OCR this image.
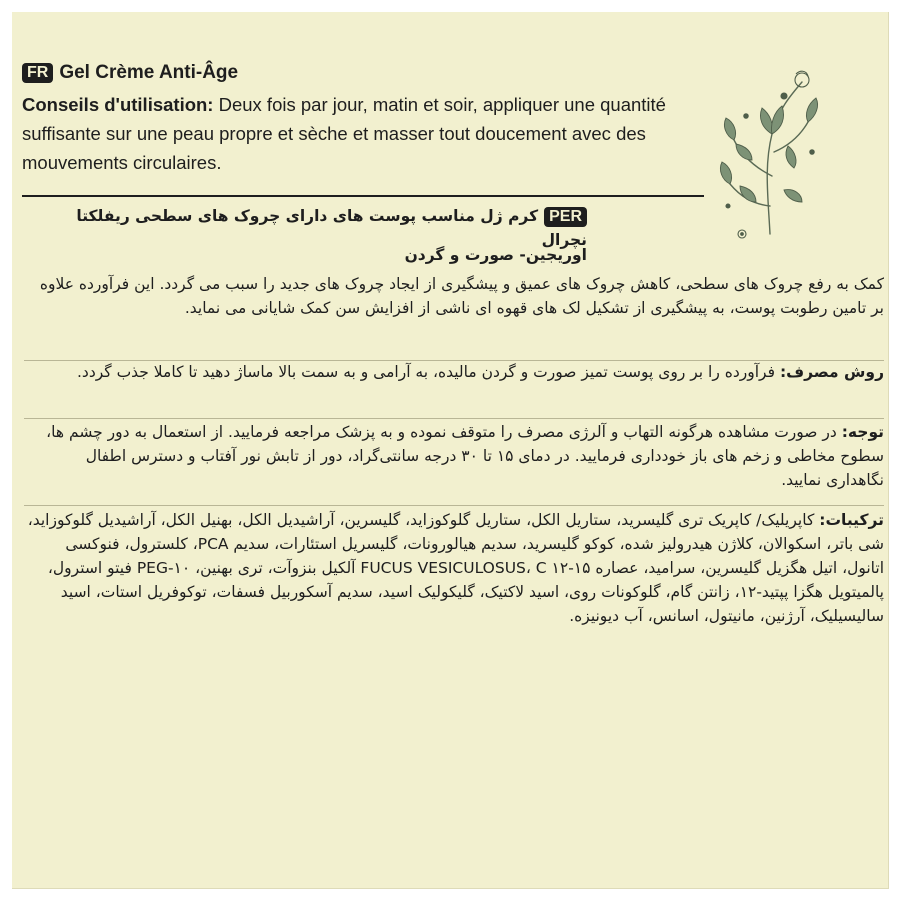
FR Gel Crème Anti-Âge

Conseils d'utilisation: Deux fois par jour, matin et soir, appliquer une quantité suffisante sur une peau propre et sèche et masser tout doucement avec des mouvements circulaires.

PERکرم ژل مناسب پوست های دارای چروک های سطحی ریفلکتا نچرال
اوریجین- صورت و گردن

کمک به رفع چروک های سطحی، کاهش چروک های عمیق و پیشگیری از ایجاد چروک های جدید را سبب می گردد. این فرآورده علاوه بر تامین رطوبت پوست، به پیشگیری از تشکیل لک های قهوه ای ناشی از افزایش سن کمک شایانی می نماید.

روش مصرف: فرآورده را بر روی پوست تمیز صورت و گردن مالیده، به آرامی و به سمت بالا ماساژ دهید تا کاملا جذب گردد.

توجه: در صورت مشاهده هرگونه التهاب و آلرژی مصرف را متوقف نموده و به پزشک مراجعه فرمایید. از استعمال به دور چشم ها، سطوح مخاطی و زخم های باز خودداری فرمایید. در دمای ۱۵ تا ۳۰ درجه سانتی‌گراد، دور از تابش نور آفتاب و دسترس اطفال نگاهداری نمایید.

ترکیبات: کاپریلیک/ کاپریک تری گلیسرید، ستاریل الکل، ستاریل گلوکوزاید، گلیسرین، آراشیدیل الکل، بهنیل الکل، آراشیدیل گلوکوزاید، شی باتر، اسکوالان، کلاژن هیدرولیز شده، کوکو گلیسرید، سدیم هیالورونات، گلیسریل استئارات، سدیم PCA، کلسترول، فنوکسی اتانول، اتیل هگزیل گلیسرین، سرامید، عصاره FUCUS VESICULOSUS، C ۱۲-۱۵ آلکیل بنزوآت، تری بهنین، PEG-۱۰ فیتو استرول، پالمیتویل هگزا پپتید-۱۲، زانتن گام، گلوکونات روی، اسید لاکتیک، گلیکولیک اسید، سدیم آسکوربیل فسفات، توکوفریل استات، اسید سالیسیلیک، آرژنین، مانیتول، اسانس، آب دیونیزه.
